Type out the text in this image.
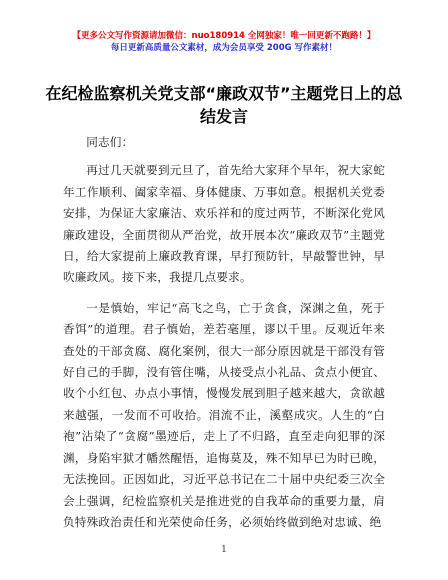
【更多公文写作资源请加微信：nuo180914 全网独家！唯一回更新不跑路！】
每日更新高质量公文素材，成为会员享受 200G 写作素材！
在纪检监察机关党支部“廉政双节”主题党日上的总结发言

同志们：

再过几天就要到元旦了，首先给大家拜个早年，祝大家蛇年工作顺利、阖家幸福、身体健康、万事如意。根据机关党委安排，为保证大家廉洁、欢乐祥和的度过两节，不断深化党风廉政建设，全面贯彻从严治党，故开展本次“廉政双节”主题党日，给大家提前上廉政教育课，早打预防针，早敲警世钟，早吹廉政风。接下来，我提几点要求。

一是慎始，牢记“高飞之鸟，亡于贪食，深渊之鱼，死于香饵”的道理。君子慎始，差若毫厘，谬以千里。反观近年来查处的干部贪腐、腐化案例，很大一部分原因就是干部没有管好自己的手脚，没有管住嘴，从接受点小礼品、贪点小便宜、收个小红包、办点小事情，慢慢发展到胆子越来越大，贪欲越来越强，一发而不可收拾。涓流不止，溪壑成灾。人生的“白袍”沾染了“贪腐”墨迹后，走上了不归路，直至走向犯罪的深渊，身陷牢狱才幡然醒悟，追悔莫及，殊不知早已为时已晚，无法挽回。正因如此，习近平总书记在二十届中央纪委三次全会上强调，纪检监察机关是推进党的自我革命的重要力量，肩负特殊政治责任和光荣使命任务，必须始终做到绝对忠诚、绝

1
